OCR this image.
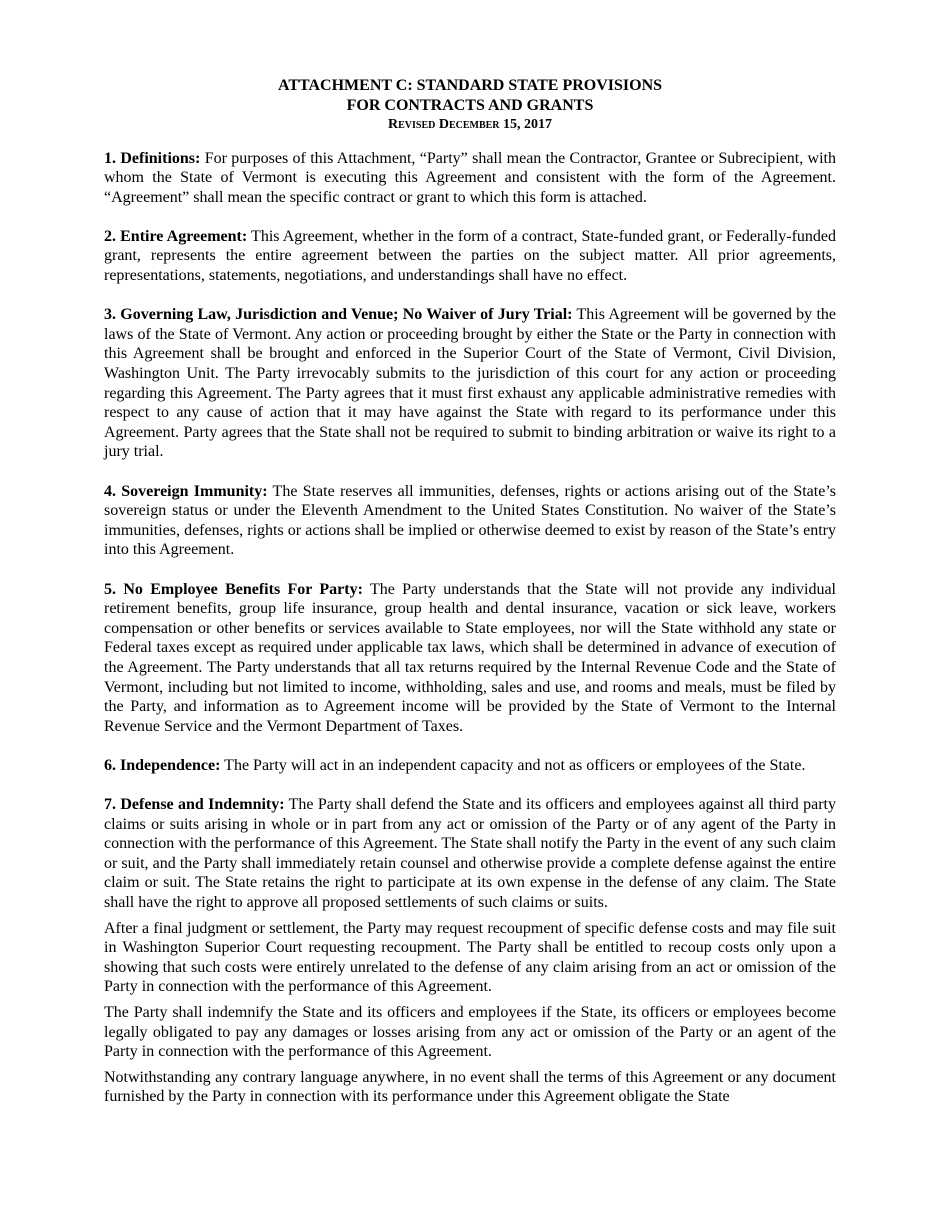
ATTACHMENT C: STANDARD STATE PROVISIONS
FOR CONTRACTS AND GRANTS
Revised December 15, 2017

1. Definitions: For purposes of this Attachment, “Party” shall mean the Contractor, Grantee or Subrecipient, with whom the State of Vermont is executing this Agreement and consistent with the form of the Agreement. “Agreement” shall mean the specific contract or grant to which this form is attached.

2. Entire Agreement: This Agreement, whether in the form of a contract, State-funded grant, or Federally-funded grant, represents the entire agreement between the parties on the subject matter. All prior agreements, representations, statements, negotiations, and understandings shall have no effect.

3. Governing Law, Jurisdiction and Venue; No Waiver of Jury Trial: This Agreement will be governed by the laws of the State of Vermont. Any action or proceeding brought by either the State or the Party in connection with this Agreement shall be brought and enforced in the Superior Court of the State of Vermont, Civil Division, Washington Unit. The Party irrevocably submits to the jurisdiction of this court for any action or proceeding regarding this Agreement. The Party agrees that it must first exhaust any applicable administrative remedies with respect to any cause of action that it may have against the State with regard to its performance under this Agreement. Party agrees that the State shall not be required to submit to binding arbitration or waive its right to a jury trial.

4. Sovereign Immunity: The State reserves all immunities, defenses, rights or actions arising out of the State’s sovereign status or under the Eleventh Amendment to the United States Constitution. No waiver of the State’s immunities, defenses, rights or actions shall be implied or otherwise deemed to exist by reason of the State’s entry into this Agreement.

5. No Employee Benefits For Party: The Party understands that the State will not provide any individual retirement benefits, group life insurance, group health and dental insurance, vacation or sick leave, workers compensation or other benefits or services available to State employees, nor will the State withhold any state or Federal taxes except as required under applicable tax laws, which shall be determined in advance of execution of the Agreement. The Party understands that all tax returns required by the Internal Revenue Code and the State of Vermont, including but not limited to income, withholding, sales and use, and rooms and meals, must be filed by the Party, and information as to Agreement income will be provided by the State of Vermont to the Internal Revenue Service and the Vermont Department of Taxes.

6. Independence: The Party will act in an independent capacity and not as officers or employees of the State.

7. Defense and Indemnity: The Party shall defend the State and its officers and employees against all third party claims or suits arising in whole or in part from any act or omission of the Party or of any agent of the Party in connection with the performance of this Agreement. The State shall notify the Party in the event of any such claim or suit, and the Party shall immediately retain counsel and otherwise provide a complete defense against the entire claim or suit. The State retains the right to participate at its own expense in the defense of any claim. The State shall have the right to approve all proposed settlements of such claims or suits.

After a final judgment or settlement, the Party may request recoupment of specific defense costs and may file suit in Washington Superior Court requesting recoupment. The Party shall be entitled to recoup costs only upon a showing that such costs were entirely unrelated to the defense of any claim arising from an act or omission of the Party in connection with the performance of this Agreement.

The Party shall indemnify the State and its officers and employees if the State, its officers or employees become legally obligated to pay any damages or losses arising from any act or omission of the Party or an agent of the Party in connection with the performance of this Agreement.

Notwithstanding any contrary language anywhere, in no event shall the terms of this Agreement or any document furnished by the Party in connection with its performance under this Agreement obligate the State
